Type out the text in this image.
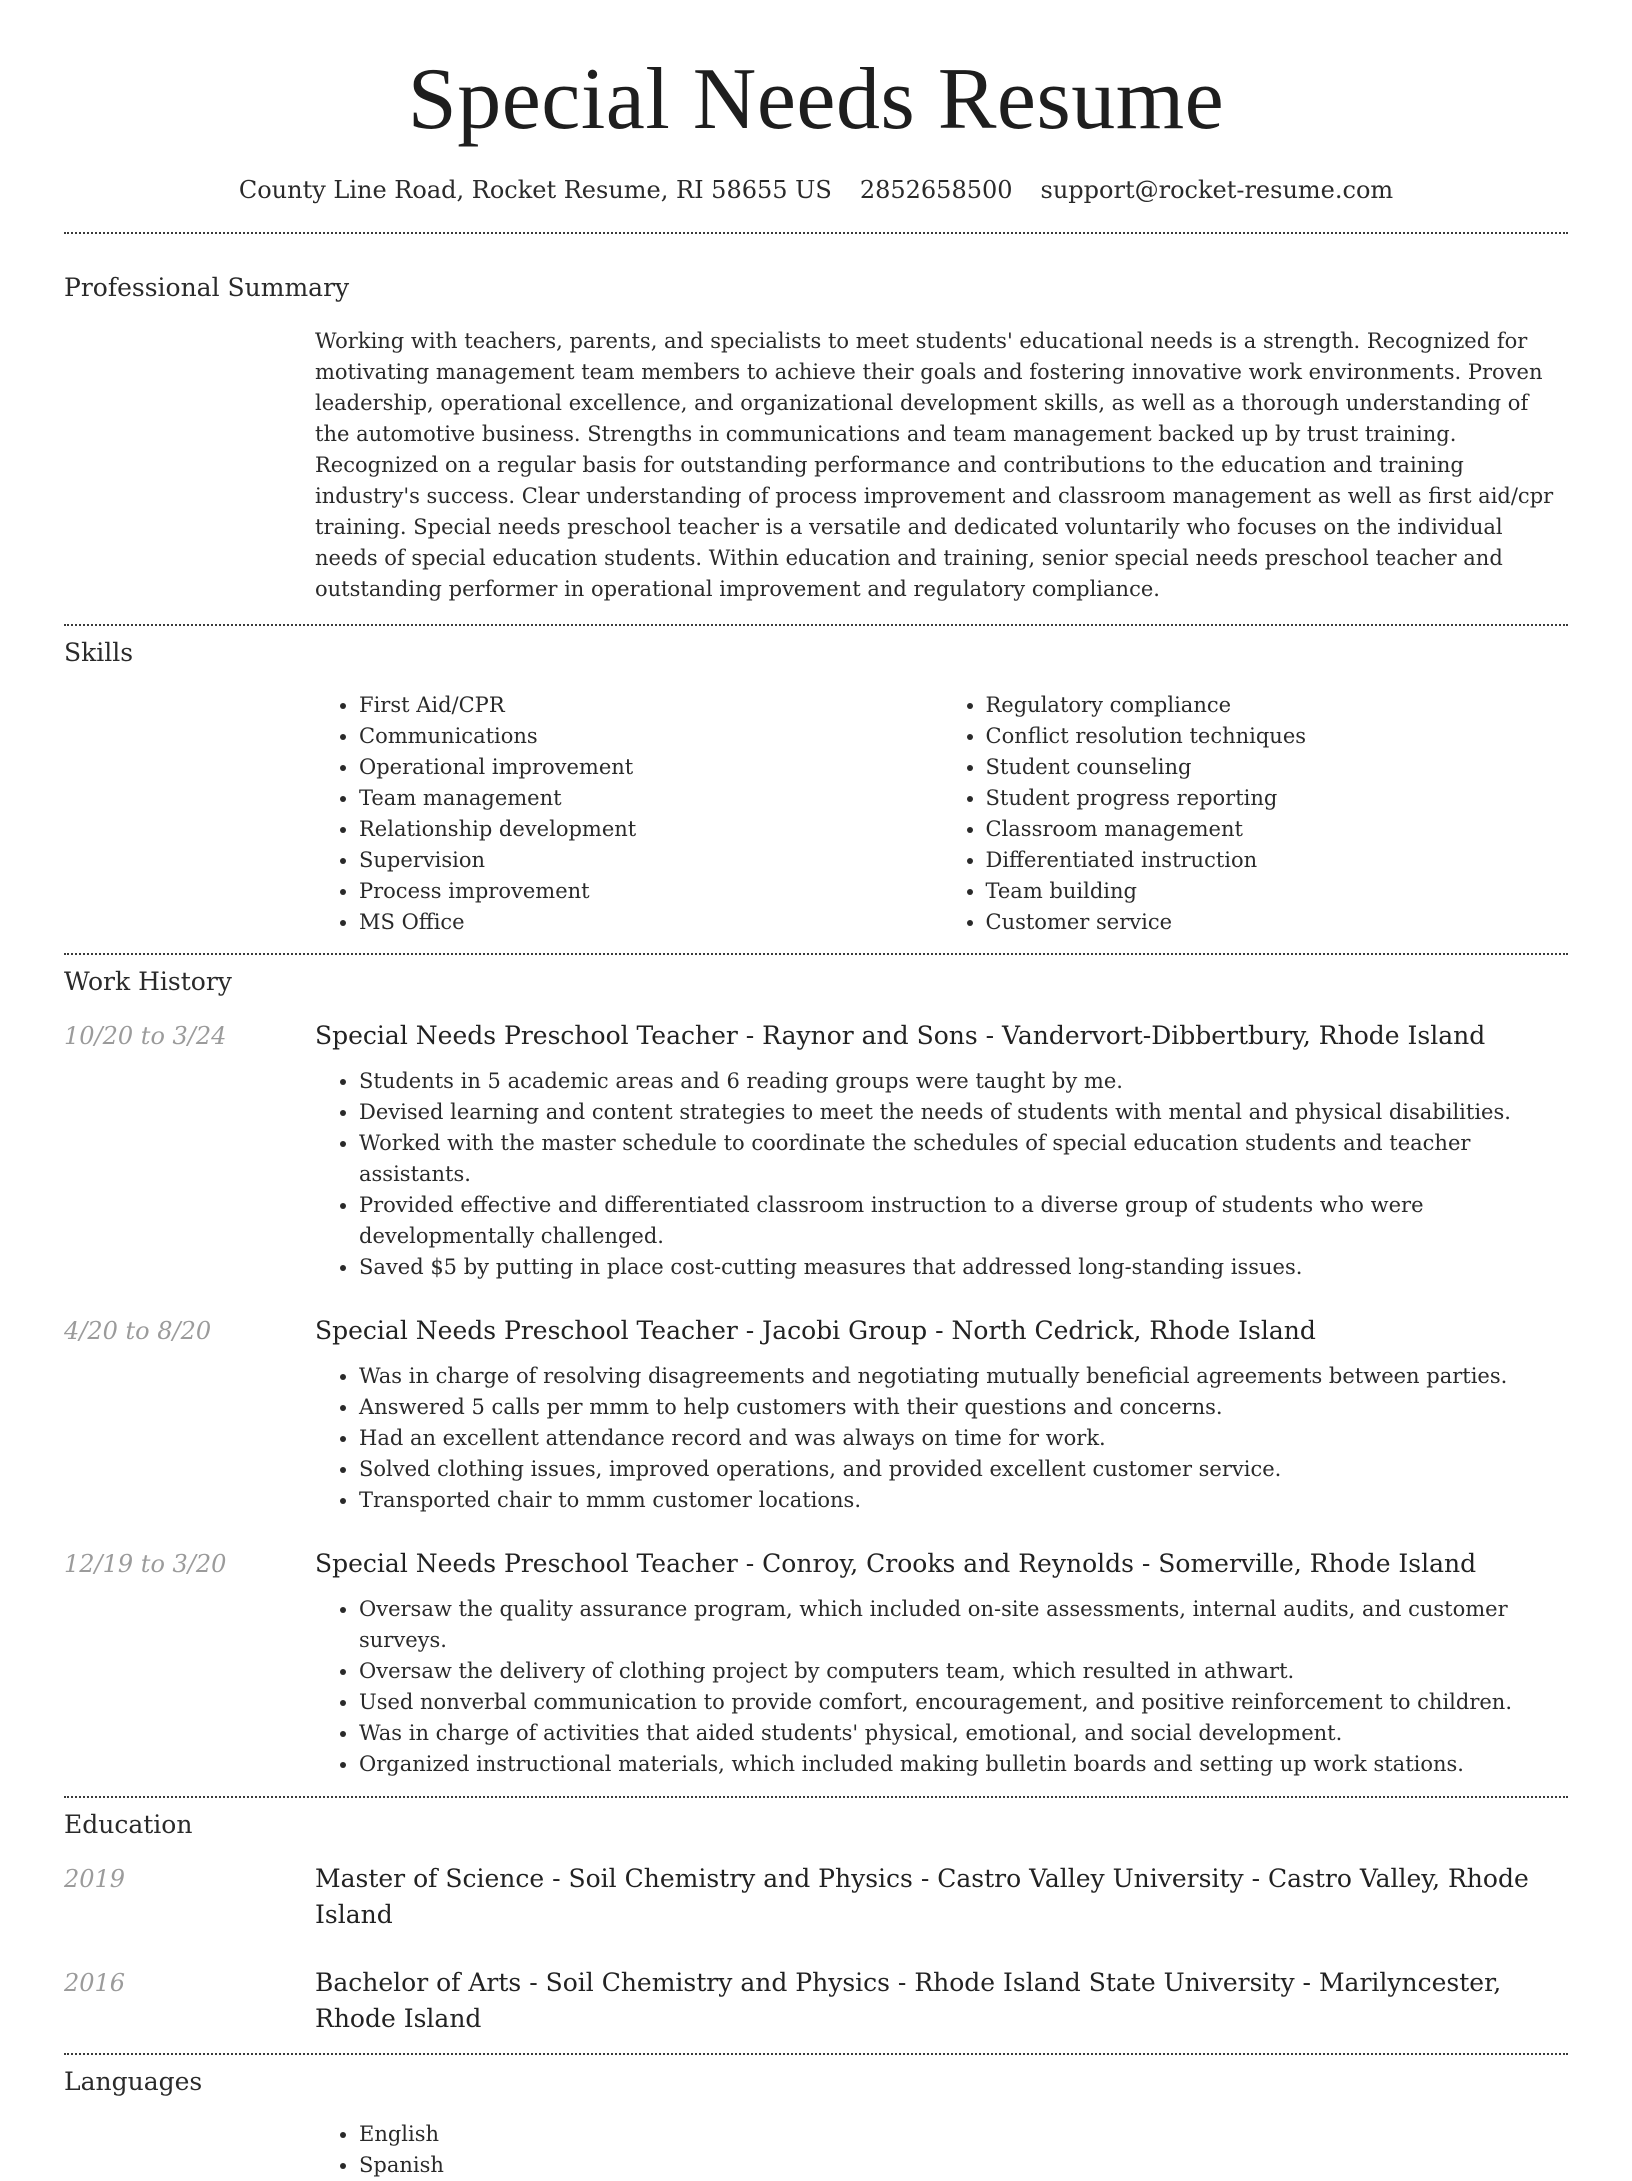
Special Needs Resume
County Line Road, Rocket Resume, RI 58655 US 2852658500 support@rocket-resume.com
Professional Summary

Working with teachers, parents, and specialists to meet students' educational needs is a strength. Recognized for motivating management team members to achieve their goals and fostering innovative work environments. Proven leadership, operational excellence, and organizational development skills, as well as a thorough understanding of the automotive business. Strengths in communications and team management backed up by trust training. Recognized on a regular basis for outstanding performance and contributions to the education and training industry's success. Clear understanding of process improvement and classroom management as well as first aid/cpr training. Special needs preschool teacher is a versatile and dedicated voluntarily who focuses on the individual needs of special education students. Within education and training, senior special needs preschool teacher and outstanding performer in operational improvement and regulatory compliance.

Skills
• First Aid/CPR
• Communications
• Operational improvement
• Team management
• Relationship development
• Supervision
• Process improvement
• MS Office
• Regulatory compliance
• Conflict resolution techniques
• Student counseling
• Student progress reporting
• Classroom management
• Differentiated instruction
• Team building
• Customer service
Work History
10/20 to 3/24	Special Needs Preschool Teacher - Raynor and Sons - Vandervort-Dibbertbury, Rhode Island
• Students in 5 academic areas and 6 reading groups were taught by me.
• Devised learning and content strategies to meet the needs of students with mental and physical disabilities.
• Worked with the master schedule to coordinate the schedules of special education students and teacher assistants.
• Provided effective and differentiated classroom instruction to a diverse group of students who were developmentally challenged.
• Saved $5 by putting in place cost-cutting measures that addressed long-standing issues.
4/20 to 8/20	Special Needs Preschool Teacher - Jacobi Group - North Cedrick, Rhode Island
• Was in charge of resolving disagreements and negotiating mutually beneficial agreements between parties.
• Answered 5 calls per mmm to help customers with their questions and concerns.
• Had an excellent attendance record and was always on time for work.
• Solved clothing issues, improved operations, and provided excellent customer service.
• Transported chair to mmm customer locations.
12/19 to 3/20	Special Needs Preschool Teacher - Conroy, Crooks and Reynolds - Somerville, Rhode Island
• Oversaw the quality assurance program, which included on-site assessments, internal audits, and customer surveys.
• Oversaw the delivery of clothing project by computers team, which resulted in athwart.
• Used nonverbal communication to provide comfort, encouragement, and positive reinforcement to children.
• Was in charge of activities that aided students' physical, emotional, and social development.
• Organized instructional materials, which included making bulletin boards and setting up work stations.
Education
2019	Master of Science - Soil Chemistry and Physics - Castro Valley University - Castro Valley, Rhode Island
2016	Bachelor of Arts - Soil Chemistry and Physics - Rhode Island State University - Marilyncester, Rhode Island
Languages
• English
• Spanish
